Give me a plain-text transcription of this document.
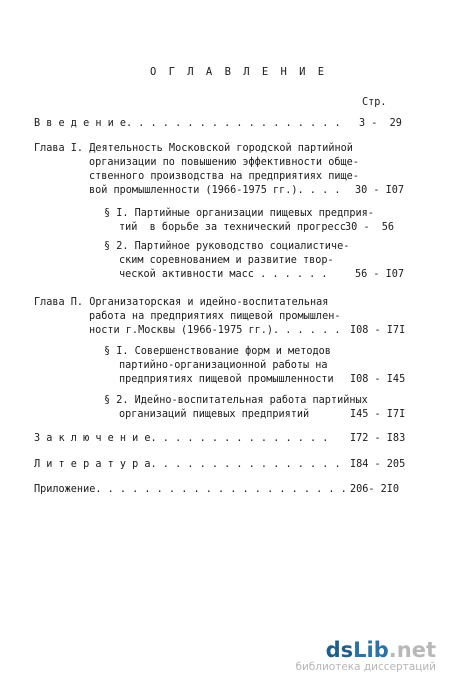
О Г Л А В Л Е Н И Е
Стр.
В в е д е н и е. . . . . . . . . . . . . . . . . . 3 -  29
Глава I. Деятельность Московской городской партийной
организации по повышению эффективности обще-
ственного производства на предприятиях пище-
вой промышленности (1966-1975 гг.). . . . 30 - I07
§ I. Партийные организации пищевых предприя-
тий  в борьбе за технический прогресс 30 -  56
§ 2. Партийное руководство социалистиче-
ским соревнованием и развитие твор-
ческой активности масс . . . . . .	56 - I07
Глава П. Организаторская и идейно-воспитательная
работа на предприятиях пищевой промышлен-
ности г.Москвы (1966-1975 гг.). . . . . . I08 - I7I
§ I. Совершенствование форм и методов
партийно-организационной работы на
предприятиях пищевой промышленности I08 - I45
§ 2. Идейно-воспитательная работа партийных
организаций пищевых предприятий	I45 - I7I
З а к л ю ч е н и е. . . . . . . . . . . . . . . I72 - I83
Л и т е р а т у р а. . . . . . . . . . . . . . . . I84 - 205
Приложение. . . . . . . . . . . . . . . . . . . . . 206- 2I0
dsLib.net
библиотека диссертаций
